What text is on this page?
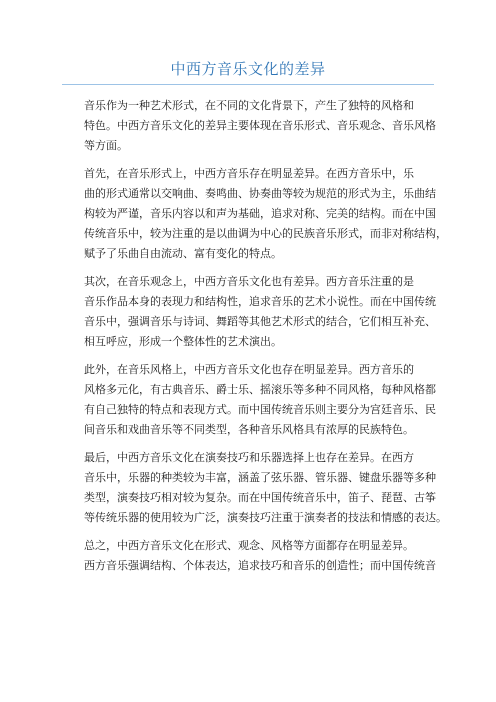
中西方音乐文化的差异

音乐作为一种艺术形式，在不同的文化背景下，产生了独特的风格和
特色。中西方音乐文化的差异主要体现在音乐形式、音乐观念、音乐风格
等方面。

首先，在音乐形式上，中西方音乐存在明显差异。在西方音乐中，乐
曲的形式通常以交响曲、奏鸣曲、协奏曲等较为规范的形式为主，乐曲结
构较为严谨，音乐内容以和声为基础，追求对称、完美的结构。而在中国
传统音乐中，较为注重的是以曲调为中心的民族音乐形式，而非对称结构，
赋予了乐曲自由流动、富有变化的特点。

其次，在音乐观念上，中西方音乐文化也有差异。西方音乐注重的是
音乐作品本身的表现力和结构性，追求音乐的艺术小说性。而在中国传统
音乐中，强调音乐与诗词、舞蹈等其他艺术形式的结合，它们相互补充、
相互呼应，形成一个整体性的艺术演出。

此外，在音乐风格上，中西方音乐文化也存在明显差异。西方音乐的
风格多元化，有古典音乐、爵士乐、摇滚乐等多种不同风格，每种风格都
有自己独特的特点和表现方式。而中国传统音乐则主要分为宫廷音乐、民
间音乐和戏曲音乐等不同类型，各种音乐风格具有浓厚的民族特色。

最后，中西方音乐文化在演奏技巧和乐器选择上也存在差异。在西方
音乐中，乐器的种类较为丰富，涵盖了弦乐器、管乐器、键盘乐器等多种
类型，演奏技巧相对较为复杂。而在中国传统音乐中，笛子、琵琶、古筝
等传统乐器的使用较为广泛，演奏技巧注重于演奏者的技法和情感的表达。

总之，中西方音乐文化在形式、观念、风格等方面都存在明显差异。
西方音乐强调结构、个体表达，追求技巧和音乐的创造性；而中国传统音
